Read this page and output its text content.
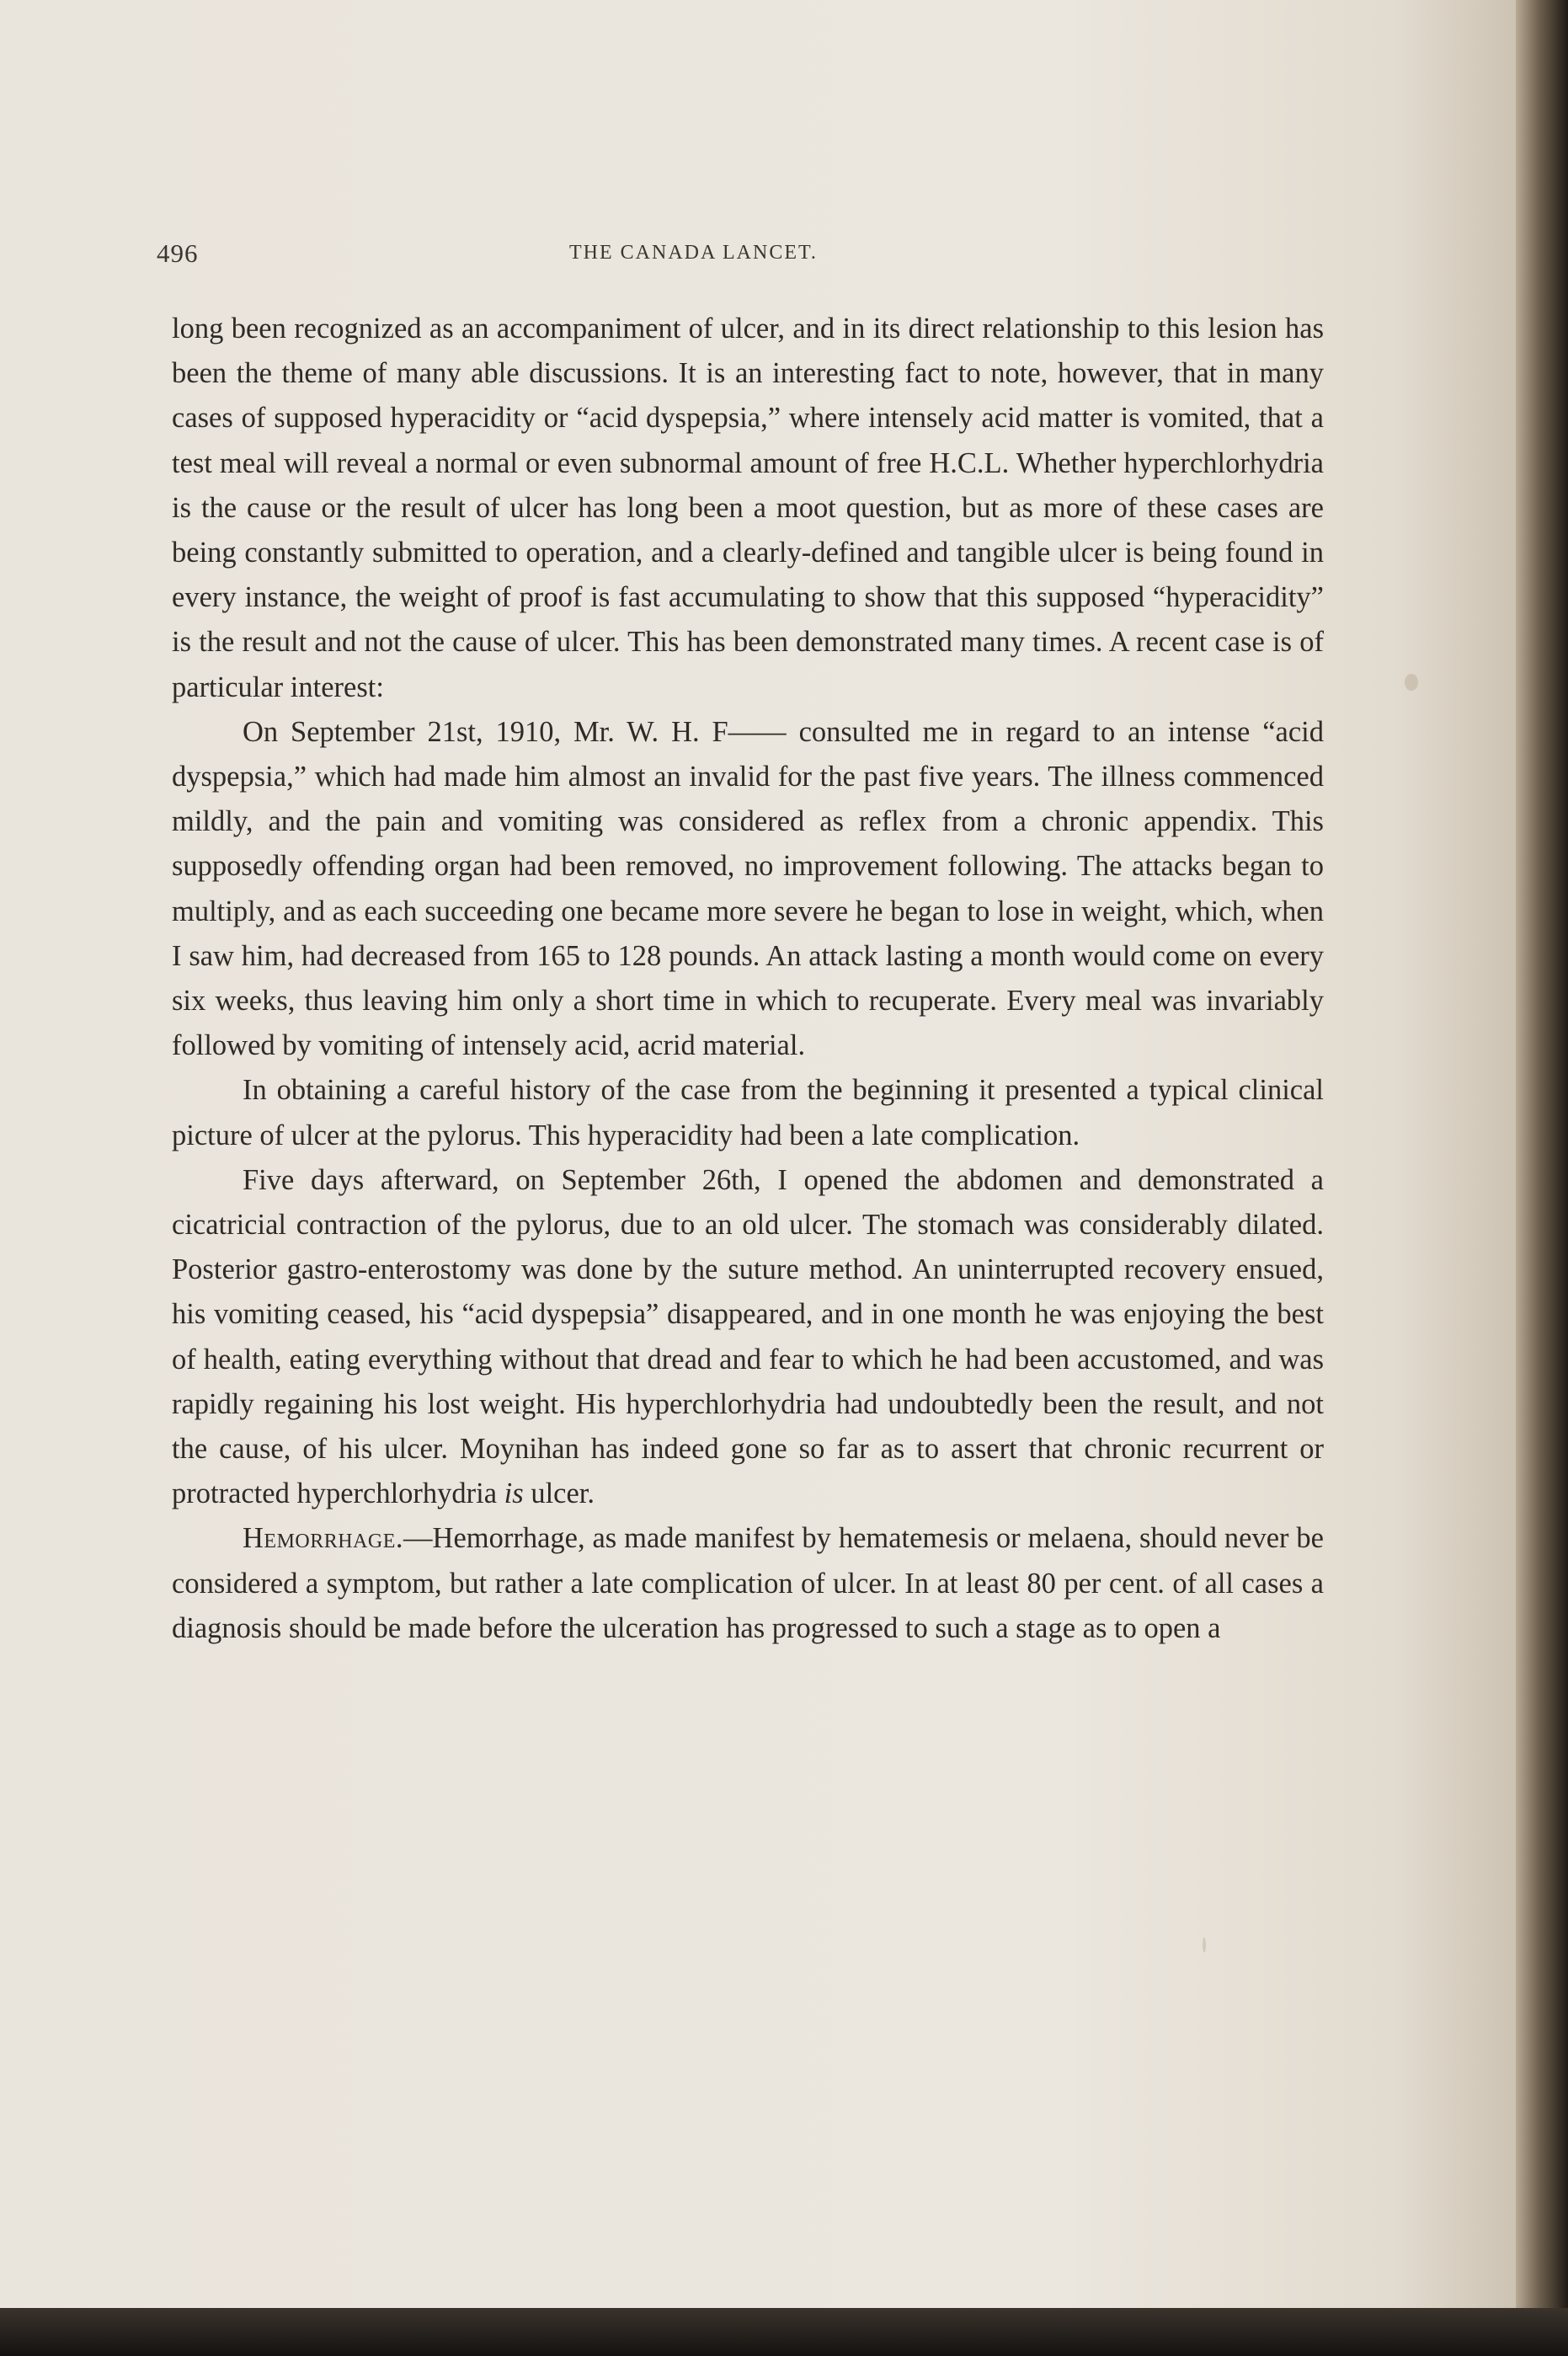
496	THE CANADA LANCET.

long been recognized as an accompaniment of ulcer, and in its direct relationship to this lesion has been the theme of many able discussions. It is an interesting fact to note, however, that in many cases of supposed hyperacidity or “acid dyspepsia,” where intensely acid matter is vomited, that a test meal will reveal a normal or even subnormal amount of free H.C.L. Whether hyperchlorhydria is the cause or the result of ulcer has long been a moot question, but as more of these cases are being constantly submitted to operation, and a clearly-defined and tangible ulcer is being found in every instance, the weight of proof is fast accumulating to show that this supposed “hyperacidity” is the result and not the cause of ulcer. This has been demonstrated many times. A recent case is of particular interest:

On September 21st, 1910, Mr. W. H. F—— consulted me in regard to an intense “acid dyspepsia,” which had made him almost an invalid for the past five years. The illness commenced mildly, and the pain and vomiting was considered as reflex from a chronic appendix. This supposedly offending organ had been removed, no improvement following. The attacks began to multiply, and as each succeeding one became more severe he began to lose in weight, which, when I saw him, had decreased from 165 to 128 pounds. An attack lasting a month would come on every six weeks, thus leaving him only a short time in which to recuperate. Every meal was invariably followed by vomiting of intensely acid, acrid material.

In obtaining a careful history of the case from the beginning it presented a typical clinical picture of ulcer at the pylorus. This hyperacidity had been a late complication.

Five days afterward, on September 26th, I opened the abdomen and demonstrated a cicatricial contraction of the pylorus, due to an old ulcer. The stomach was considerably dilated. Posterior gastro-enterostomy was done by the suture method. An uninterrupted recovery ensued, his vomiting ceased, his “acid dyspepsia” disappeared, and in one month he was enjoying the best of health, eating everything without that dread and fear to which he had been accustomed, and was rapidly regaining his lost weight. His hyperchlorhydria had undoubtedly been the result, and not the cause, of his ulcer. Moynihan has indeed gone so far as to assert that chronic recurrent or protracted hyperchlorhydria is ulcer.

Hemorrhage.—Hemorrhage, as made manifest by hematemesis or melaena, should never be considered a symptom, but rather a late complication of ulcer. In at least 80 per cent. of all cases a diagnosis should be made before the ulceration has progressed to such a stage as to open a
